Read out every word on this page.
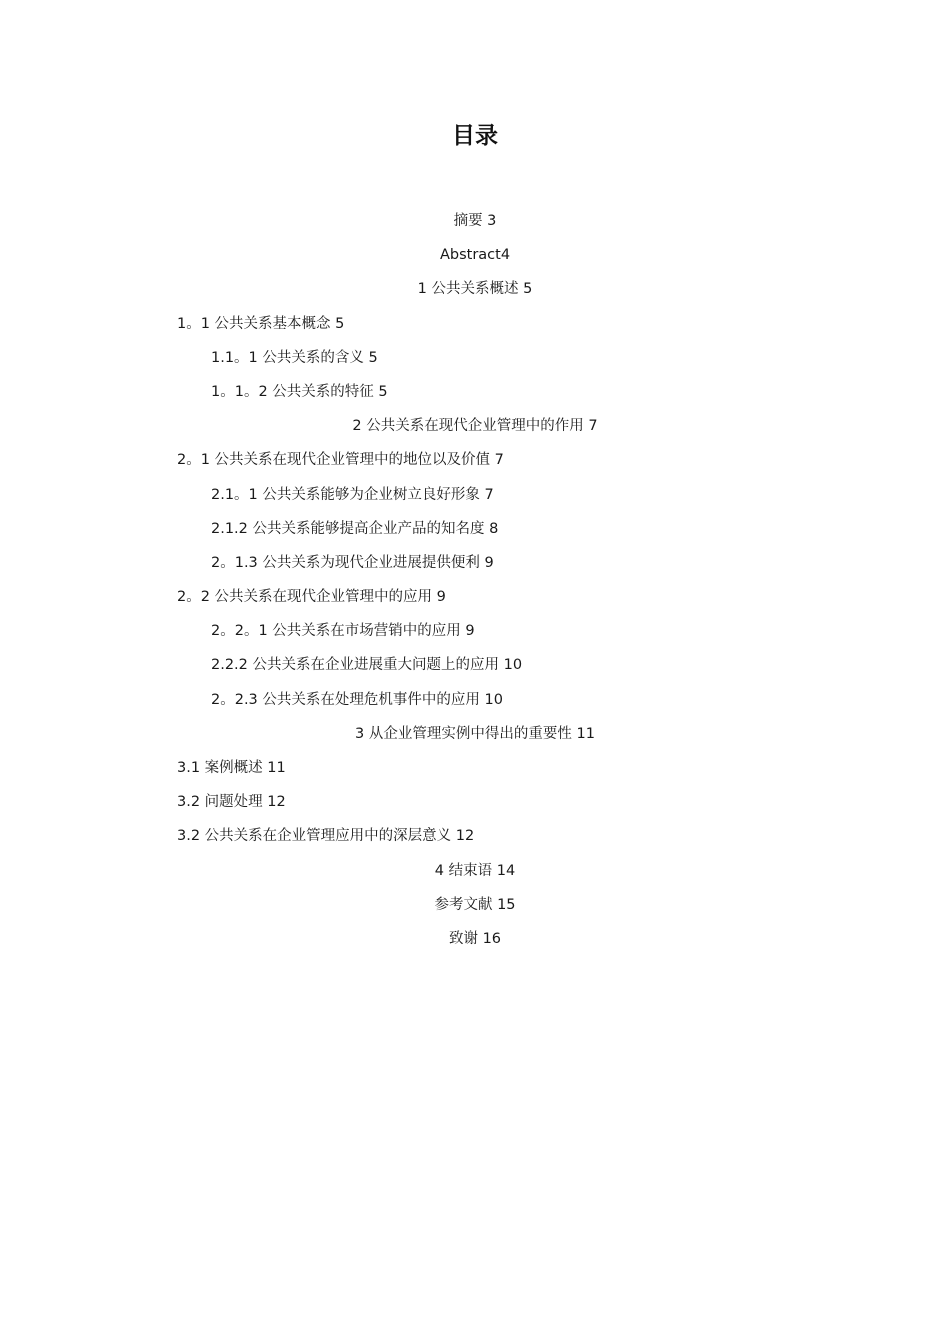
目录
摘要 3
Abstract4
1 公共关系概述 5
1。1 公共关系基本概念 5
1.1。1 公共关系的含义 5
1。1。2 公共关系的特征 5
2 公共关系在现代企业管理中的作用 7
2。1 公共关系在现代企业管理中的地位以及价值 7
2.1。1 公共关系能够为企业树立良好形象 7
2.1.2 公共关系能够提高企业产品的知名度 8
2。1.3 公共关系为现代企业进展提供便利 9
2。2 公共关系在现代企业管理中的应用 9
2。2。1 公共关系在市场营销中的应用 9
2.2.2 公共关系在企业进展重大问题上的应用 10
2。2.3 公共关系在处理危机事件中的应用 10
3 从企业管理实例中得出的重要性 11
3.1 案例概述 11
3.2 问题处理 12
3.2 公共关系在企业管理应用中的深层意义 12
4 结束语 14
参考文献 15
致谢 16
